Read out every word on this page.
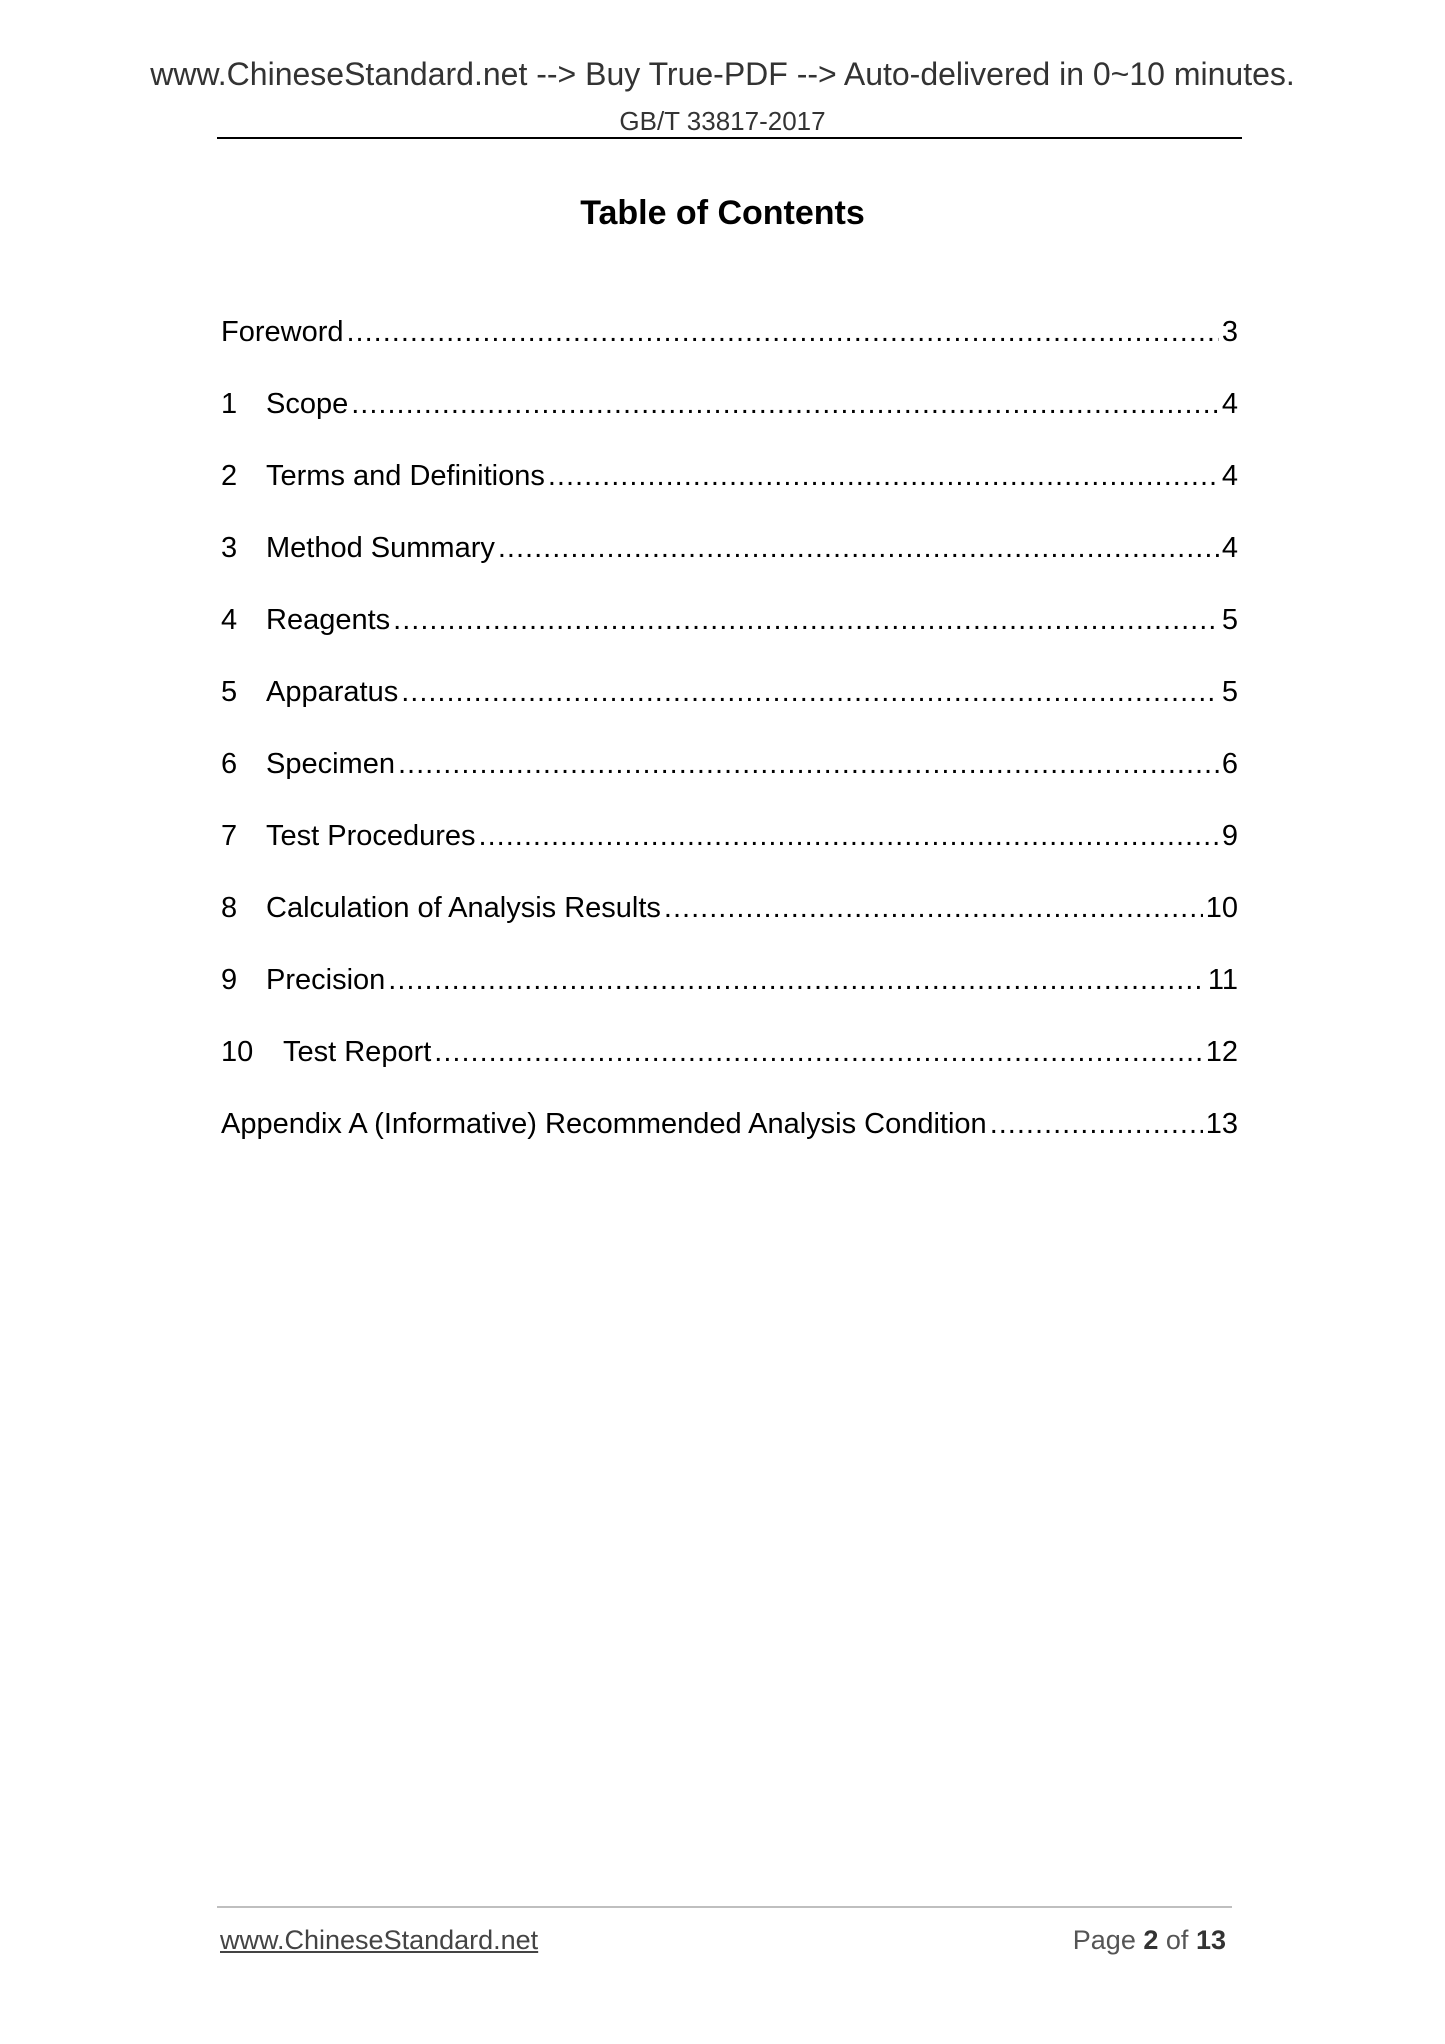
www.ChineseStandard.net --> Buy True-PDF --> Auto-delivered in 0~10 minutes.
GB/T 33817-2017
Table of Contents
Foreword .....	3
1 Scope .....	4
2 Terms and Definitions .....	4
3 Method Summary .....	4
4 Reagents .....	5
5 Apparatus .....	5
6 Specimen .....	6
7 Test Procedures .....	9
8 Calculation of Analysis Results .....	10
9 Precision .....	11
10	Test Report .....	12
Appendix A (Informative) Recommended Analysis Condition .....	13
www.ChineseStandard.net	Page 2 of 13
